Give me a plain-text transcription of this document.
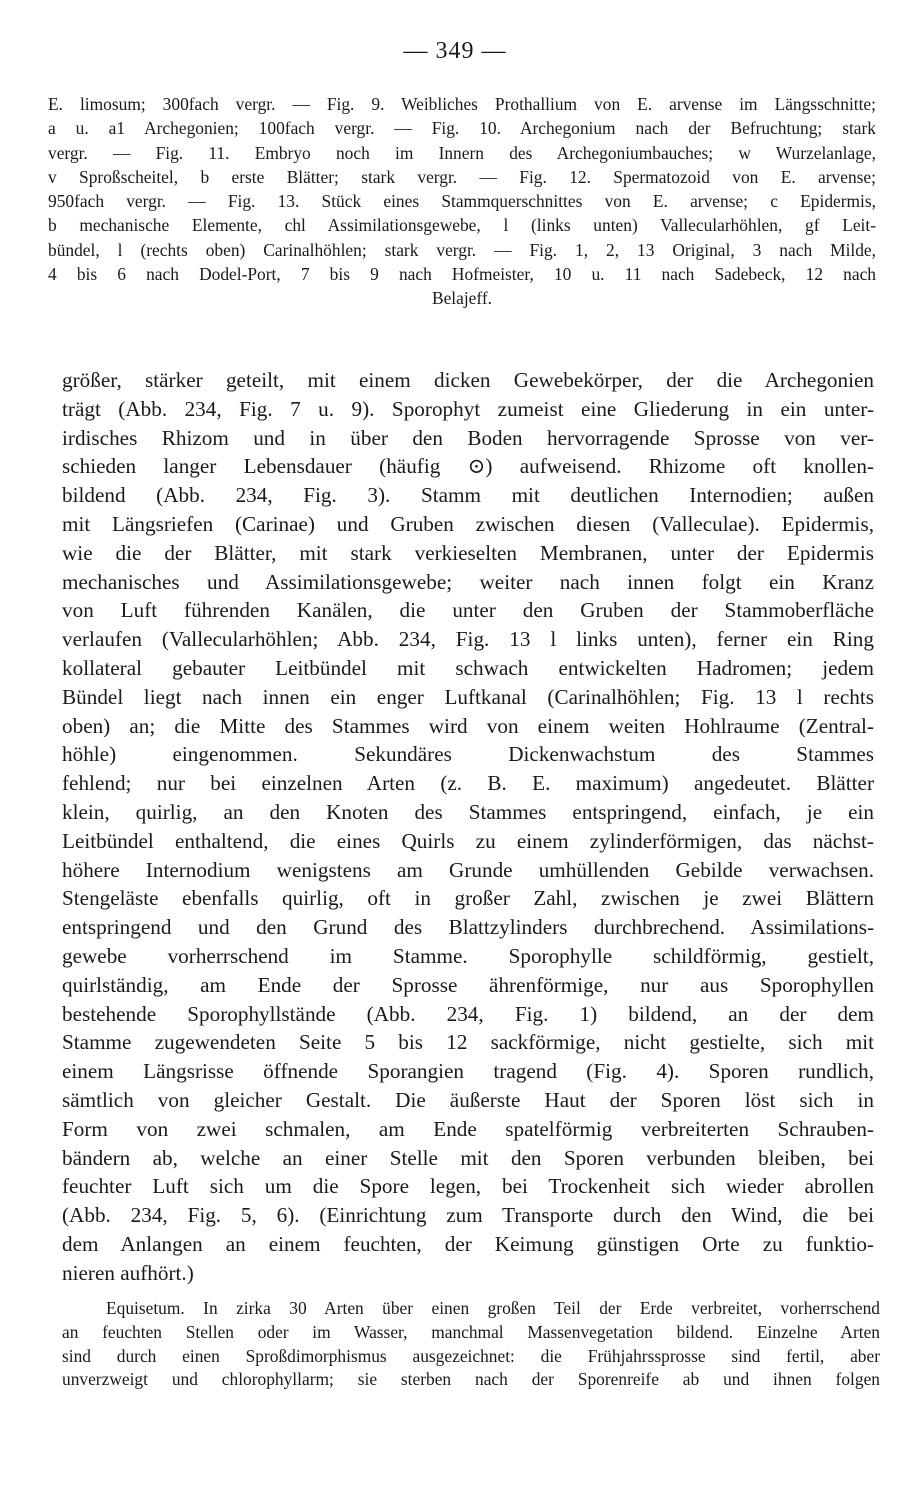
— 349 —
E. limosum; 300fach vergr. — Fig. 9. Weibliches Prothallium von E. arvense im Längsschnitte;
a u. a1 Archegonien; 100fach vergr. — Fig. 10. Archegonium nach der Befruchtung; stark
vergr. — Fig. 11. Embryo noch im Innern des Archegoniumbauches; w Wurzelanlage,
v Sproßscheitel, b erste Blätter; stark vergr. — Fig. 12. Spermatozoid von E. arvense;
950fach vergr. — Fig. 13. Stück eines Stammquerschnittes von E. arvense; c Epidermis,
b mechanische Elemente, chl Assimilationsgewebe, l (links unten) Vallecularhöhlen, gf Leit-
bündel, l (rechts oben) Carinalhöhlen; stark vergr. — Fig. 1, 2, 13 Original, 3 nach Milde,
4 bis 6 nach Dodel-Port, 7 bis 9 nach Hofmeister, 10 u. 11 nach Sadebeck, 12 nach
Belajeff.
größer, stärker geteilt, mit einem dicken Gewebekörper, der die Archegonien
trägt (Abb. 234, Fig. 7 u. 9). Sporophyt zumeist eine Gliederung in ein unter-
irdisches Rhizom und in über den Boden hervorragende Sprosse von ver-
schieden langer Lebensdauer (häufig ⊙) aufweisend. Rhizome oft knollen-
bildend (Abb. 234, Fig. 3). Stamm mit deutlichen Internodien; außen
mit Längsriefen (Carinae) und Gruben zwischen diesen (Valleculae). Epidermis,
wie die der Blätter, mit stark verkieselten Membranen, unter der Epidermis
mechanisches und Assimilationsgewebe; weiter nach innen folgt ein Kranz
von Luft führenden Kanälen, die unter den Gruben der Stammoberfläche
verlaufen (Vallecularhöhlen; Abb. 234, Fig. 13 l links unten), ferner ein Ring
kollateral gebauter Leitbündel mit schwach entwickelten Hadromen; jedem
Bündel liegt nach innen ein enger Luftkanal (Carinalhöhlen; Fig. 13 l rechts
oben) an; die Mitte des Stammes wird von einem weiten Hohlraume (Zentral-
höhle) eingenommen. Sekundäres Dickenwachstum des Stammes
fehlend; nur bei einzelnen Arten (z. B. E. maximum) angedeutet. Blätter
klein, quirlig, an den Knoten des Stammes entspringend, einfach, je ein
Leitbündel enthaltend, die eines Quirls zu einem zylinderförmigen, das nächst-
höhere Internodium wenigstens am Grunde umhüllenden Gebilde verwachsen.
Stengeläste ebenfalls quirlig, oft in großer Zahl, zwischen je zwei Blättern
entspringend und den Grund des Blattzylinders durchbrechend. Assimilations-
gewebe vorherrschend im Stamme. Sporophylle schildförmig, gestielt,
quirlständig, am Ende der Sprosse ährenförmige, nur aus Sporophyllen
bestehende Sporophyllstände (Abb. 234, Fig. 1) bildend, an der dem
Stamme zugewendeten Seite 5 bis 12 sackförmige, nicht gestielte, sich mit
einem Längsrisse öffnende Sporangien tragend (Fig. 4). Sporen rundlich,
sämtlich von gleicher Gestalt. Die äußerste Haut der Sporen löst sich in
Form von zwei schmalen, am Ende spatelförmig verbreiterten Schrauben-
bändern ab, welche an einer Stelle mit den Sporen verbunden bleiben, bei
feuchter Luft sich um die Spore legen, bei Trockenheit sich wieder abrollen
(Abb. 234, Fig. 5, 6). (Einrichtung zum Transporte durch den Wind, die bei
dem Anlangen an einem feuchten, der Keimung günstigen Orte zu funktio-
nieren aufhört.)
Equisetum. In zirka 30 Arten über einen großen Teil der Erde verbreitet, vorherrschend
an feuchten Stellen oder im Wasser, manchmal Massenvegetation bildend. Einzelne Arten
sind durch einen Sproßdimorphismus ausgezeichnet: die Frühjahrssprosse sind fertil, aber
unverzweigt und chlorophyllarm; sie sterben nach der Sporenreife ab und ihnen folgen
